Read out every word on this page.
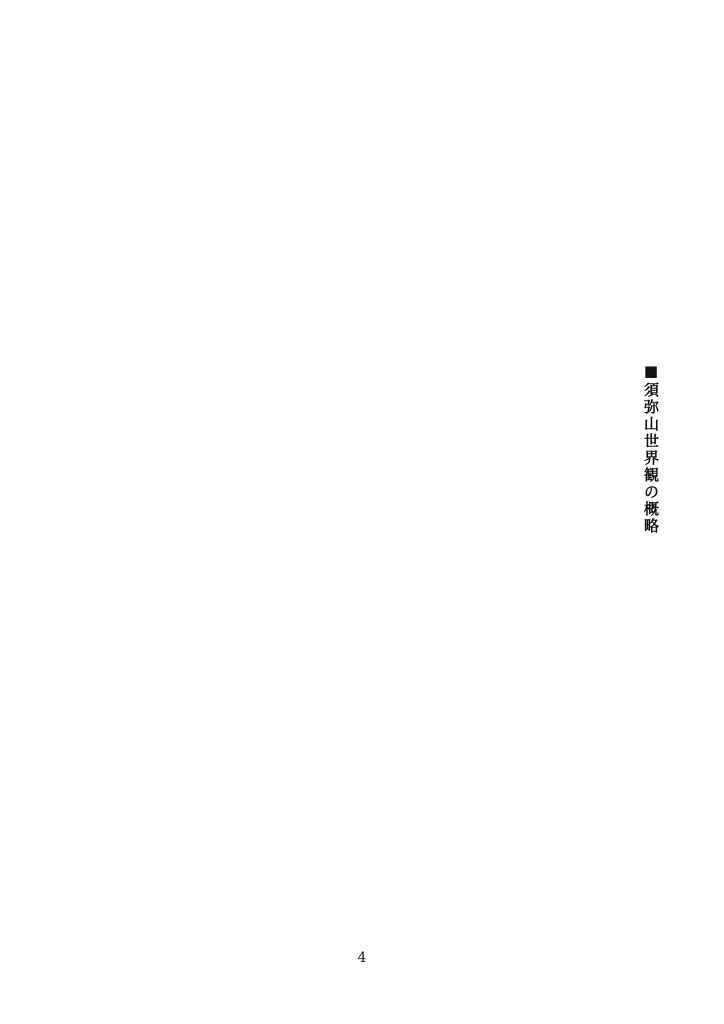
■須弥山世界観の概略
4
